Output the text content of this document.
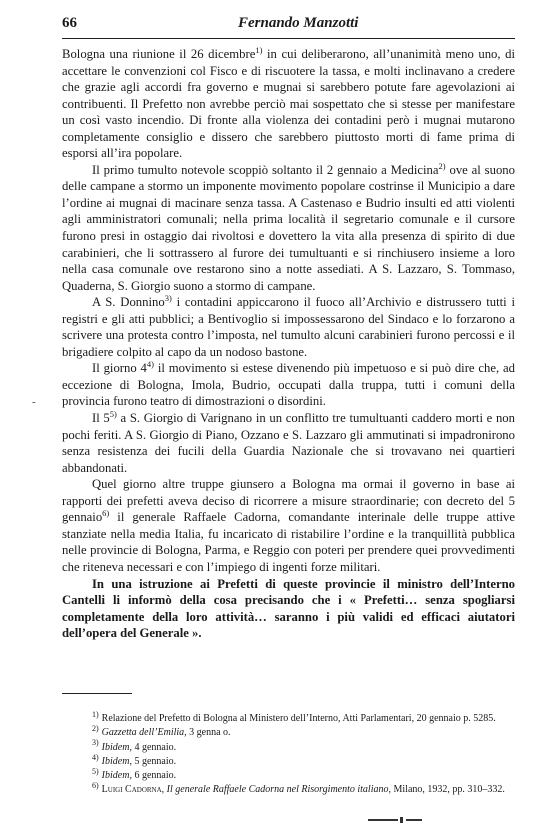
66	Fernando Manzotti
-

Bologna una riunione il 26 dicembre$^{1)}$ in cui deliberarono, all’unanimità meno uno, di accettare le convenzioni col Fisco e di riscuotere la tassa, e molti inclinavano a credere che grazie agli accordi fra governo e mugnai si sarebbero potute fare agevolazioni ai contribuenti. Il Prefetto non avrebbe perciò mai sospettato che si stesse per manifestare un così vasto incendio. Di fronte alla violenza dei contadini però i mugnai mutarono completamente consiglio e dissero che sarebbero piuttosto morti di fame prima di esporsi all’ira popolare.

Il primo tumulto notevole scoppiò soltanto il 2 gennaio a Medicina$^{2)}$ ove al suono delle campane a stormo un imponente movimento popolare costrinse il Municipio a dare l’ordine ai mugnai di macinare senza tassa. A Castenaso e Budrio insulti ed atti violenti agli amministratori comunali; nella prima località il segretario comunale e il cursore furono presi in ostaggio dai rivoltosi e dovettero la vita alla presenza di spirito di due carabinieri, che li sottrassero al furore dei tumultuanti e si rinchiusero insieme a loro nella casa comunale ove restarono sino a notte assediati. A S. Lazzaro, S. Tommaso, Quaderna, S. Giorgio suono a stormo di campane.

A S. Donnino$^{3)}$ i contadini appiccarono il fuoco all’Archivio e distrussero tutti i registri e gli atti pubblici; a Bentivoglio si impossessarono del Sindaco e lo forzarono a scrivere una protesta contro l’imposta, nel tumulto alcuni carabinieri furono percossi e il brigadiere colpito al capo da un nodoso bastone.

Il giorno 4$^{4)}$ il movimento si estese divenendo più impetuoso e si può dire che, ad eccezione di Bologna, Imola, Budrio, occupati dalla truppa, tutti i comuni della provincia furono teatro di dimostrazioni o disordini.

Il 5$^{5)}$ a S. Giorgio di Varignano in un conflitto tre tumultuanti caddero morti e non pochi feriti. A S. Giorgio di Piano, Ozzano e S. Lazzaro gli ammutinati si impadronirono senza resistenza dei fucili della Guardia Nazionale che si trovavano nei quartieri abbandonati.

Quel giorno altre truppe giunsero a Bologna ma ormai il governo in base ai rapporti dei prefetti aveva deciso di ricorrere a misure straordinarie; con decreto del 5 gennaio$^{6)}$ il generale Raffaele Cadorna, comandante interinale delle truppe attive stanziate nella media Italia, fu incaricato di ristabilire l’ordine e la tranquillità pubblica nelle provincie di Bologna, Parma, e Reggio con poteri per prendere quei provvedimenti che riteneva necessari e con l’impiego di ingenti forze militari.

In una istruzione ai Prefetti di queste provincie il ministro dell’Interno Cantelli li informò della cosa precisando che i « Prefetti… senza spogliarsi completamente della loro attività… saranno i più validi ed efficaci aiutatori dell’opera del Generale ».

$^{1)}$ Relazione del Prefetto di Bologna al Ministero dell’Interno, Atti Parlamentari, 20 gennaio p. 5285.
$^{2)}$ Gazzetta dell’Emilia, 3 genna o.
$^{3)}$ Ibidem, 4 gennaio.
$^{4)}$ Ibidem, 5 gennaio.
$^{5)}$ Ibidem, 6 gennaio.
$^{6)}$ Luigi Cadorna, Il generale Raffaele Cadorna nel Risorgimento italiano, Milano, 1932, pp. 310–332.
